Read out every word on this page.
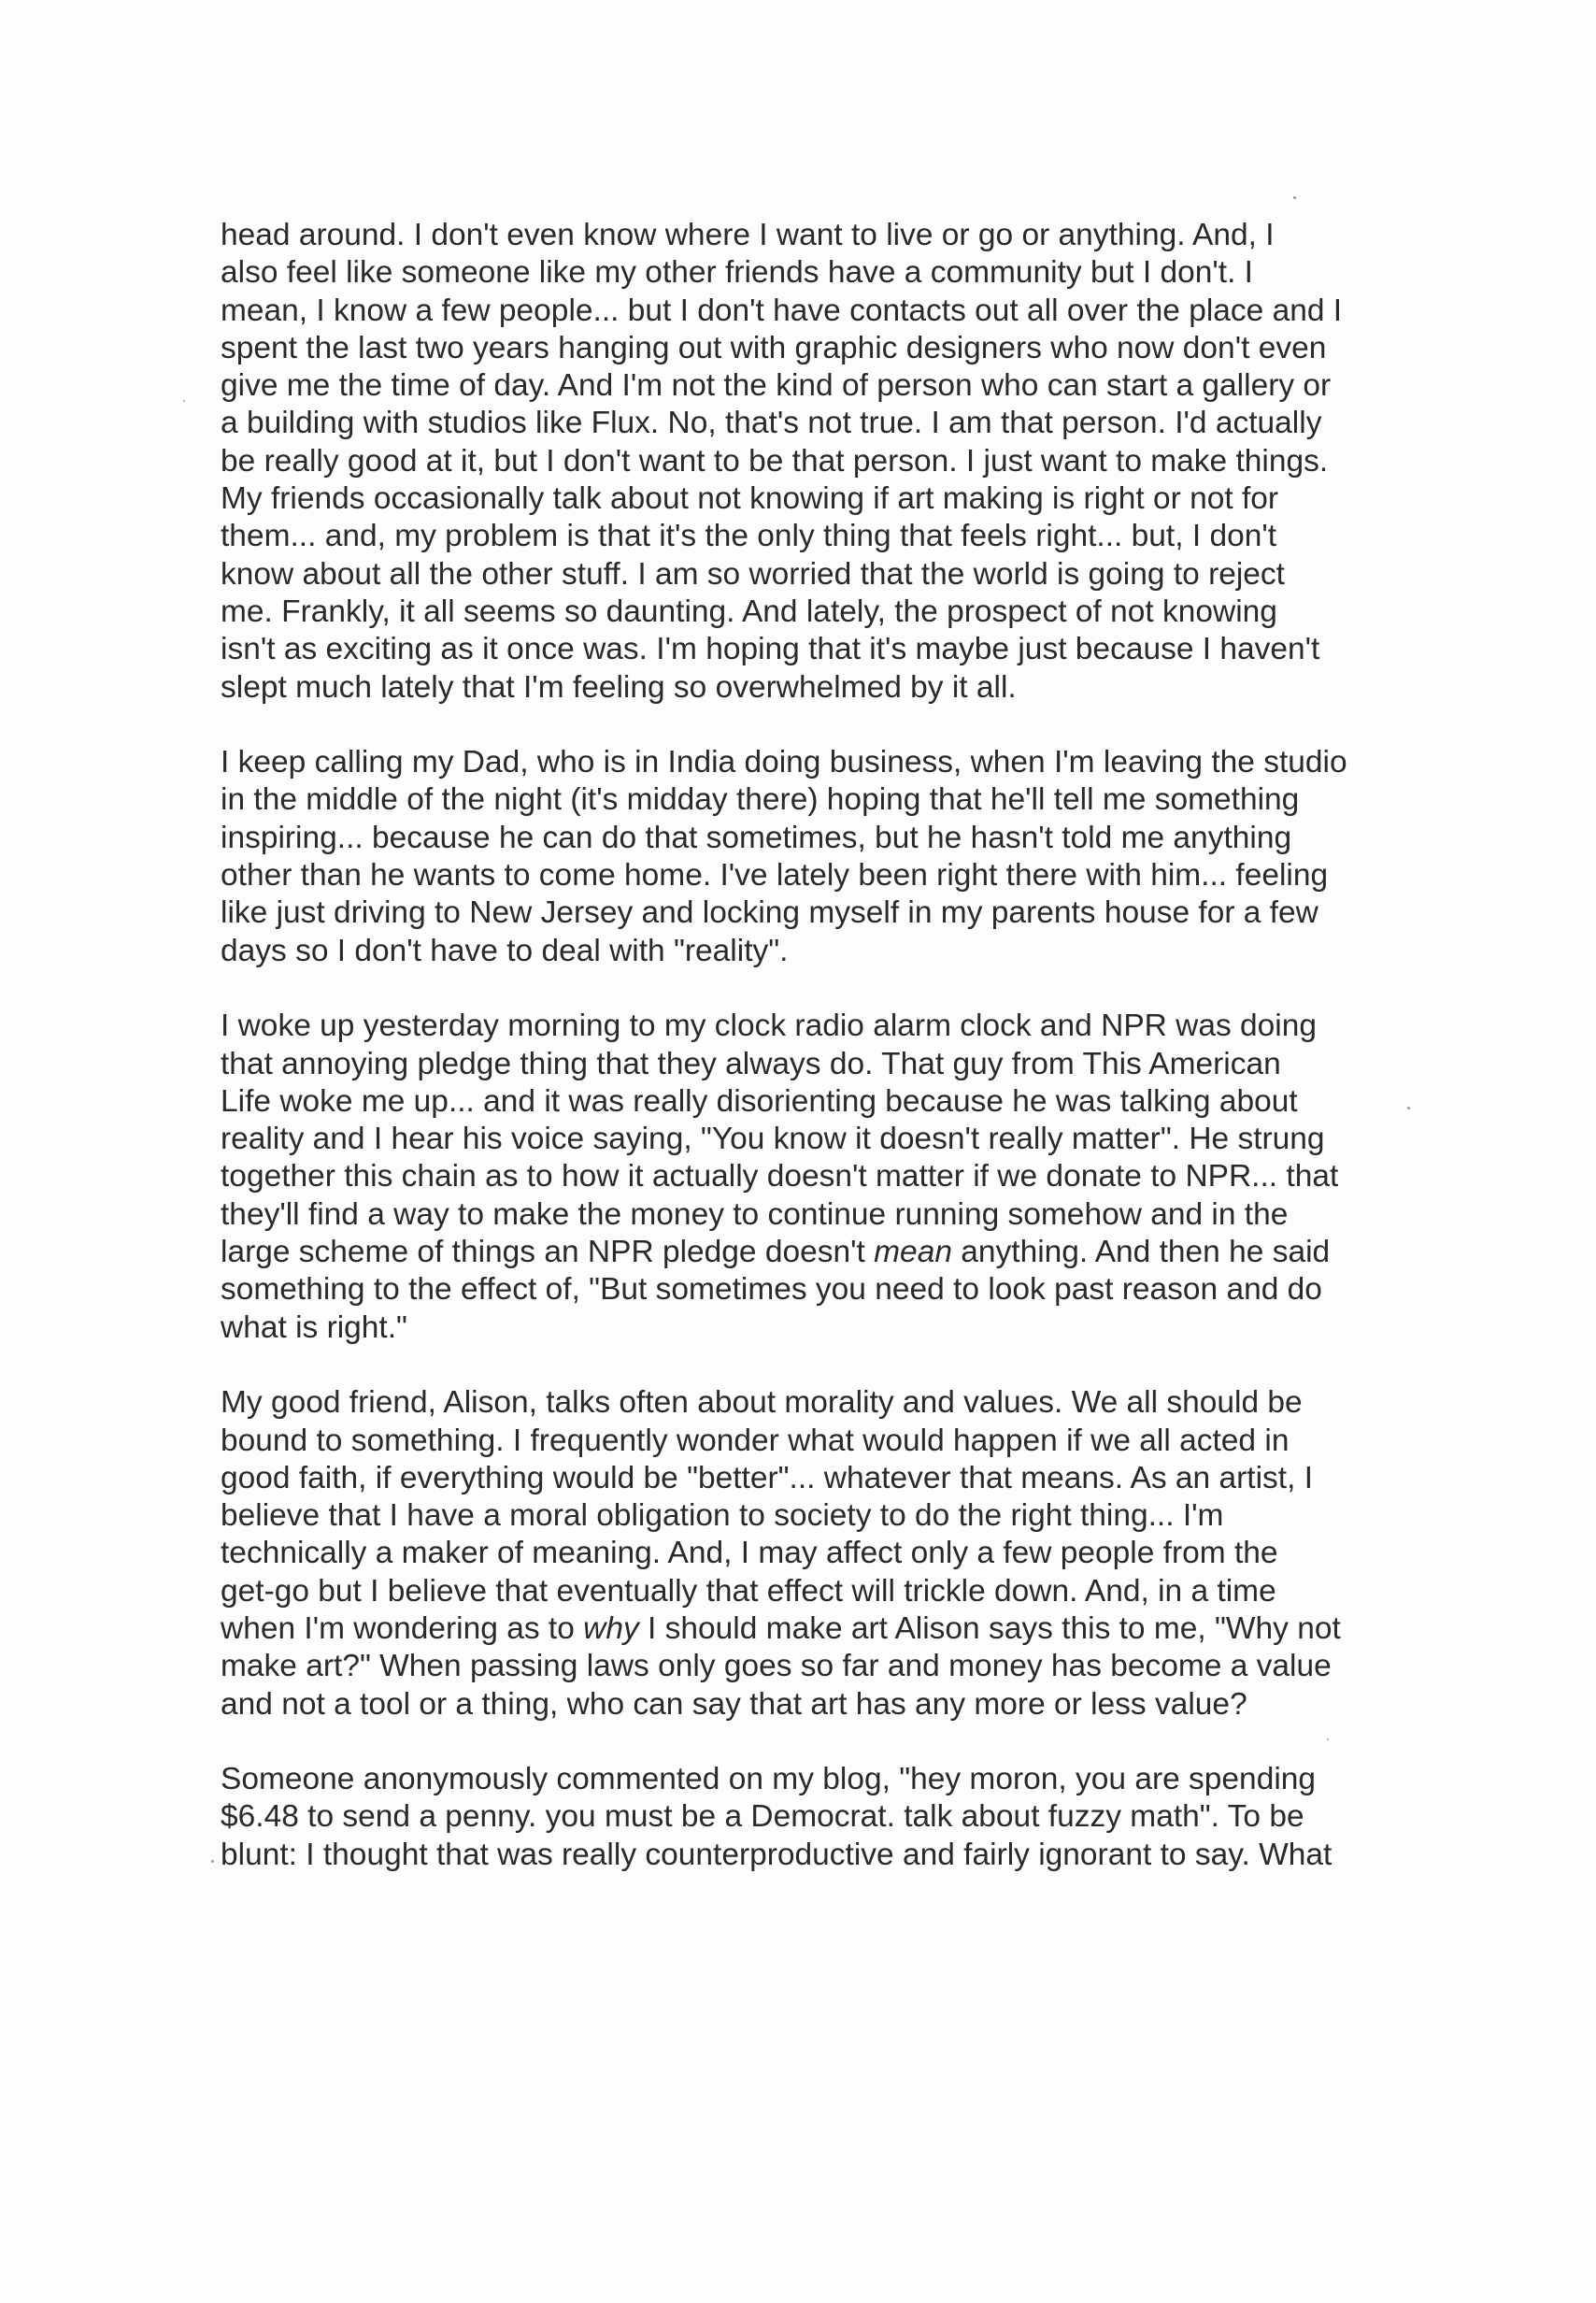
head around. I don't even know where I want to live or go or anything. And, I
also feel like someone like my other friends have a community but I don't. I
mean, I know a few people... but I don't have contacts out all over the place and I
spent the last two years hanging out with graphic designers who now don't even
give me the time of day. And I'm not the kind of person who can start a gallery or
a building with studios like Flux. No, that's not true. I am that person. I'd actually
be really good at it, but I don't want to be that person. I just want to make things.
My friends occasionally talk about not knowing if art making is right or not for
them... and, my problem is that it's the only thing that feels right... but, I don't
know about all the other stuff. I am so worried that the world is going to reject
me. Frankly, it all seems so daunting. And lately, the prospect of not knowing
isn't as exciting as it once was. I'm hoping that it's maybe just because I haven't
slept much lately that I'm feeling so overwhelmed by it all.

I keep calling my Dad, who is in India doing business, when I'm leaving the studio
in the middle of the night (it's midday there) hoping that he'll tell me something
inspiring... because he can do that sometimes, but he hasn't told me anything
other than he wants to come home. I've lately been right there with him... feeling
like just driving to New Jersey and locking myself in my parents house for a few
days so I don't have to deal with "reality".

I woke up yesterday morning to my clock radio alarm clock and NPR was doing
that annoying pledge thing that they always do. That guy from This American
Life woke me up... and it was really disorienting because he was talking about
reality and I hear his voice saying, "You know it doesn't really matter". He strung
together this chain as to how it actually doesn't matter if we donate to NPR... that
they'll find a way to make the money to continue running somehow and in the
large scheme of things an NPR pledge doesn't mean anything. And then he said
something to the effect of, "But sometimes you need to look past reason and do
what is right."

My good friend, Alison, talks often about morality and values. We all should be
bound to something. I frequently wonder what would happen if we all acted in
good faith, if everything would be "better"... whatever that means. As an artist, I
believe that I have a moral obligation to society to do the right thing... I'm
technically a maker of meaning. And, I may affect only a few people from the
get-go but I believe that eventually that effect will trickle down. And, in a time
when I'm wondering as to why I should make art Alison says this to me, "Why not
make art?" When passing laws only goes so far and money has become a value
and not a tool or a thing, who can say that art has any more or less value?

Someone anonymously commented on my blog, "hey moron, you are spending
$6.48 to send a penny. you must be a Democrat. talk about fuzzy math". To be
blunt: I thought that was really counterproductive and fairly ignorant to say. What
